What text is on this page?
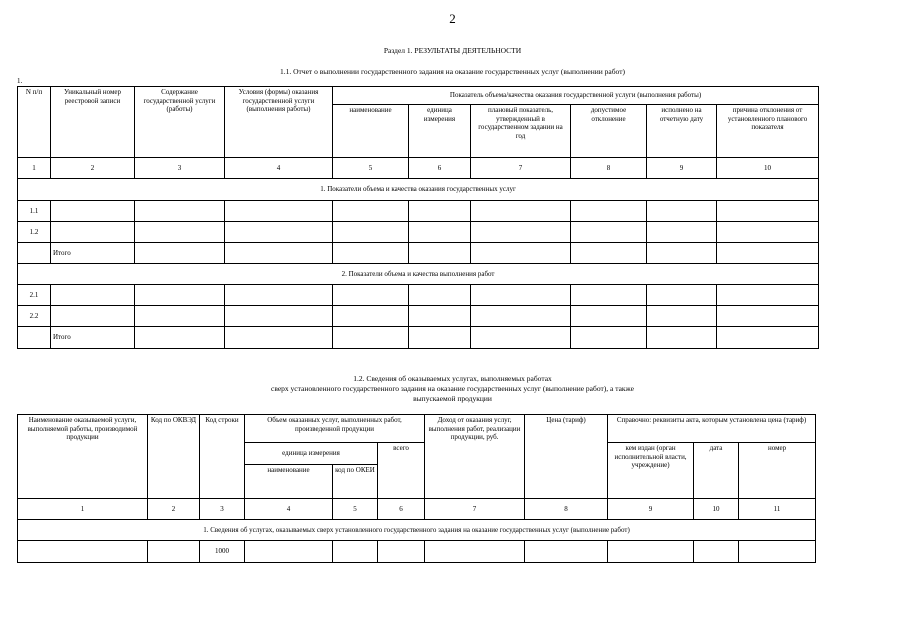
2
Раздел 1. РЕЗУЛЬТАТЫ ДЕЯТЕЛЬНОСТИ
1.1. Отчет о выполнении государственного задания на оказание государственных услуг (выполнении работ)
1.
N п/п	Уникальный номер реестровой записи	Содержание государственной услуги (работы)	Условия (формы) оказания государственной услуги (выполнения работы)	Показатель объема/качества оказания государственной услуги (выполнения работы)					
				наименование	единица измерения	плановый показатель, утвержденный в государственном задании на год	допустимое отклонение	исполнено на отчетную дату	причина отклонения от установленного планового показателя
1	2	3	4	5	6	7	8	9	10
1. Показатели объема и качества оказания государственных услуг									
1.1									
1.2									
	Итого								
2. Показатели объема и качества выполнения работ									
2.1									
2.2									
	Итого								
1.2. Сведения об оказываемых услугах, выполняемых работах
сверх установленного государственного задания на оказание государственных услуг (выполнение работ), а также
выпускаемой продукции
Наименование оказываемой услуги, выполняемой работы, производимой продукции	Код по ОКВЭД	Код строки	Объем оказанных услуг, выполненных работ, произведенной продукции			Доход от оказания услуг, выполнения работ, реализации продукции, руб.	Цена (тариф)	Справочно: реквизиты акта, которым установлена цена (тариф)		
			единица измерения		всего			кем издан (орган исполнительной власти, учреждение)	дата	номер
			наименование	код по ОКЕИ						
1	2	3	4	5	6	7	8	9	10	11
1. Сведения об услугах, оказываемых сверх установленного государственного задания на оказание государственных услуг (выполнение работ)										
		1000								
